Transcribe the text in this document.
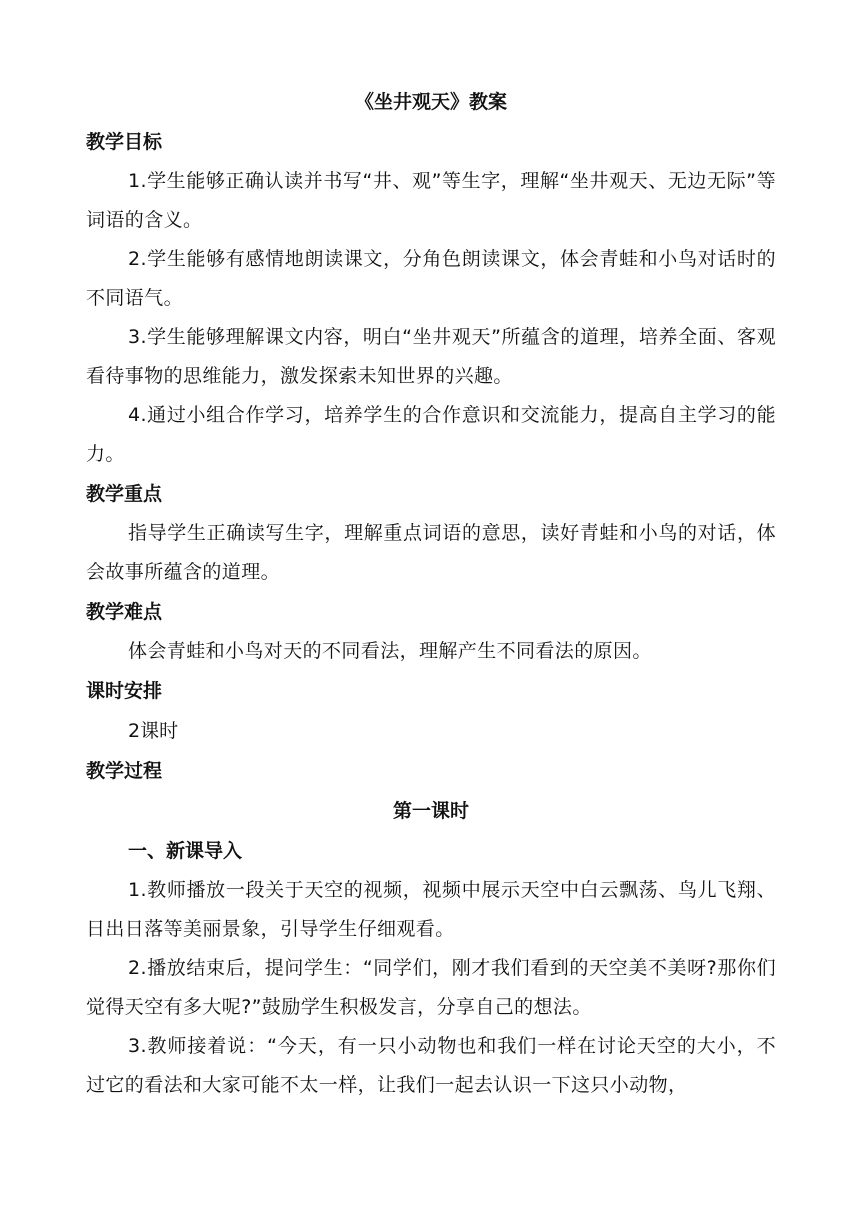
《坐井观天》教案
教学目标

1.学生能够正确认读并书写“井、观”等生字，理解“坐井观天、无边无际”等词语的含义。

2.学生能够有感情地朗读课文，分角色朗读课文，体会青蛙和小鸟对话时的不同语气。

3.学生能够理解课文内容，明白“坐井观天”所蕴含的道理，培养全面、客观看待事物的思维能力，激发探索未知世界的兴趣。

4.通过小组合作学习，培养学生的合作意识和交流能力，提高自主学习的能力。

教学重点

指导学生正确读写生字，理解重点词语的意思，读好青蛙和小鸟的对话，体会故事所蕴含的道理。

教学难点

体会青蛙和小鸟对天的不同看法，理解产生不同看法的原因。

课时安排
2课时
教学过程
第一课时
一、新课导入

1.教师播放一段关于天空的视频，视频中展示天空中白云飘荡、鸟儿飞翔、日出日落等美丽景象，引导学生仔细观看。

2.播放结束后，提问学生：“同学们，刚才我们看到的天空美不美呀?那你们觉得天空有多大呢?”鼓励学生积极发言，分享自己的想法。

3.教师接着说：“今天，有一只小动物也和我们一样在讨论天空的大小，不过它的看法和大家可能不太一样，让我们一起去认识一下这只小动物，
